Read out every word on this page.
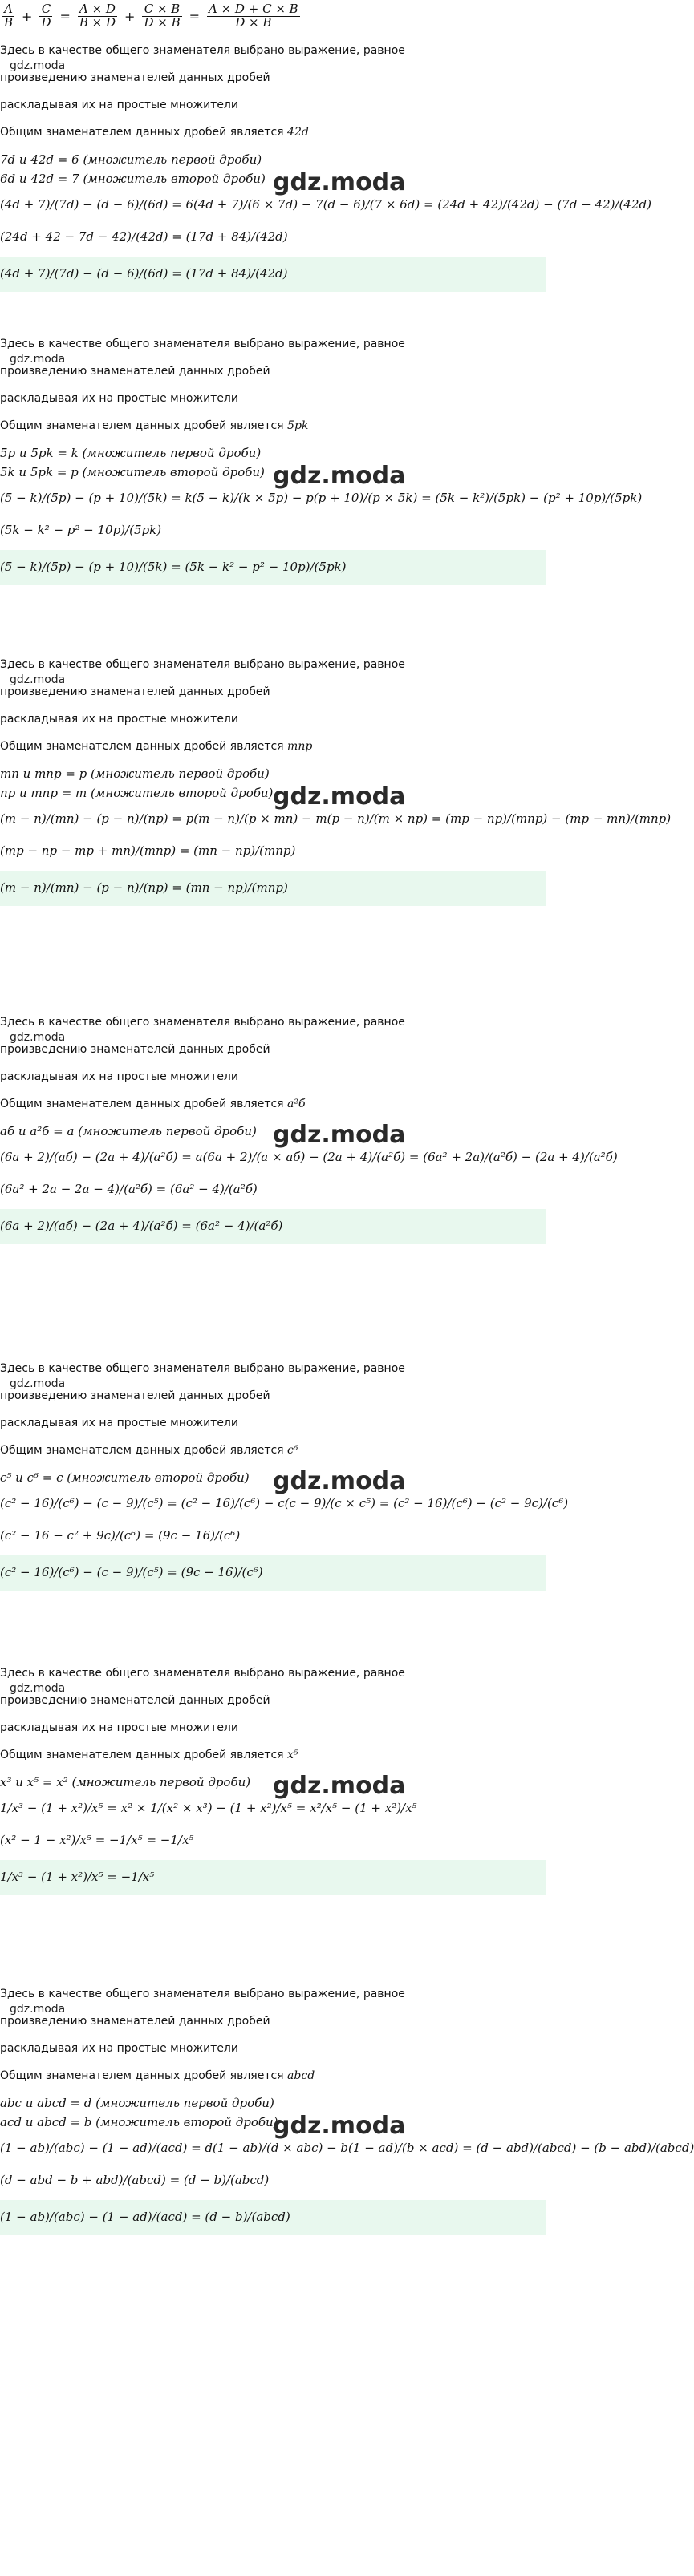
A
B + C
D = A × D
B × D + C × B
D × B = A × D + C × B
D × B
Здесь в качестве общего знаменателя выбрано выражение, равное
gdz.moda
произведению знаменателей данных дробей
раскладывая их на простые множители
Общим знаменателем данных дробей является 42d
7d и 42d = 6 (множитель первой дроби)
6d и 42d = 7 (множитель второй дроби) gdz.moda
(4d + 7)/(7d) − (d − 6)/(6d) = 6(4d + 7)/(6 × 7d) − 7(d − 6)/(7 × 6d) = (24d + 42)/(42d) − (7d − 42)/(42d)
(24d + 42 − 7d − 42)/(42d) = (17d + 84)/(42d)
(4d + 7)/(7d) − (d − 6)/(6d) = (17d + 84)/(42d)
Здесь в качестве общего знаменателя выбрано выражение, равное
gdz.moda
произведению знаменателей данных дробей
раскладывая их на простые множители
Общим знаменателем данных дробей является 5pk
5p и 5pk = k (множитель первой дроби)
5k и 5pk = p (множитель второй дроби) gdz.moda
(5 − k)/(5p) − (p + 10)/(5k) = k(5 − k)/(k × 5p) − p(p + 10)/(p × 5k) = (5k − k²)/(5pk) − (p² + 10p)/(5pk)
(5k − k² − p² − 10p)/(5pk)
(5 − k)/(5p) − (p + 10)/(5k) = (5k − k² − p² − 10p)/(5pk)
Здесь в качестве общего знаменателя выбрано выражение, равное
gdz.moda
произведению знаменателей данных дробей
раскладывая их на простые множители
Общим знаменателем данных дробей является mnp
mn и mnp = p (множитель первой дроби)
np и mnp = m (множитель второй дроби) gdz.moda
(m − n)/(mn) − (p − n)/(np) = p(m − n)/(p × mn) − m(p − n)/(m × np) = (mp − np)/(mnp) − (mp − mn)/(mnp)
(mp − np − mp + mn)/(mnp) = (mn − np)/(mnp)
(m − n)/(mn) − (p − n)/(np) = (mn − np)/(mnp)
Здесь в качестве общего знаменателя выбрано выражение, равное
gdz.moda
произведению знаменателей данных дробей
раскладывая их на простые множители
Общим знаменателем данных дробей является a²б
аб и a²б = a (множитель первой дроби) gdz.moda
(6a + 2)/(aб) − (2a + 4)/(a²б) = a(6a + 2)/(a × aб) − (2a + 4)/(a²б) = (6a² + 2a)/(a²б) − (2a + 4)/(a²б)
(6a² + 2a − 2a − 4)/(a²б) = (6a² − 4)/(a²б)
(6a + 2)/(aб) − (2a + 4)/(a²б) = (6a² − 4)/(a²б)
Здесь в качестве общего знаменателя выбрано выражение, равное
gdz.moda
произведению знаменателей данных дробей
раскладывая их на простые множители
Общим знаменателем данных дробей является c⁶
c⁵ и c⁶ = c (множитель второй дроби) gdz.moda
(c² − 16)/(c⁶) − (c − 9)/(c⁵) = (c² − 16)/(c⁶) − c(c − 9)/(c × c⁵) = (c² − 16)/(c⁶) − (c² − 9c)/(c⁶)
(c² − 16 − c² + 9c)/(c⁶) = (9c − 16)/(c⁶)
(c² − 16)/(c⁶) − (c − 9)/(c⁵) = (9c − 16)/(c⁶)
Здесь в качестве общего знаменателя выбрано выражение, равное
gdz.moda
произведению знаменателей данных дробей
раскладывая их на простые множители
Общим знаменателем данных дробей является x⁵
x³ и x⁵ = x² (множитель первой дроби) gdz.moda
1/x³ − (1 + x²)/x⁵ = x² × 1/(x² × x³) − (1 + x²)/x⁵ = x²/x⁵ − (1 + x²)/x⁵
(x² − 1 − x²)/x⁵ = −1/x⁵ = −1/x⁵
1/x³ − (1 + x²)/x⁵ = −1/x⁵
Здесь в качестве общего знаменателя выбрано выражение, равное
gdz.moda
произведению знаменателей данных дробей
раскладывая их на простые множители
Общим знаменателем данных дробей является abcd
abc и abcd = d (множитель первой дроби)
acd и abcd = b (множитель второй дроби)
gdz.moda
(1 − ab)/(abc) − (1 − ad)/(acd) = d(1 − ab)/(d × abc) − b(1 − ad)/(b × acd) = (d − abd)/(abcd) − (b − abd)/(abcd)
(d − abd − b + abd)/(abcd) = (d − b)/(abcd)
(1 − ab)/(abc) − (1 − ad)/(acd) = (d − b)/(abcd)
